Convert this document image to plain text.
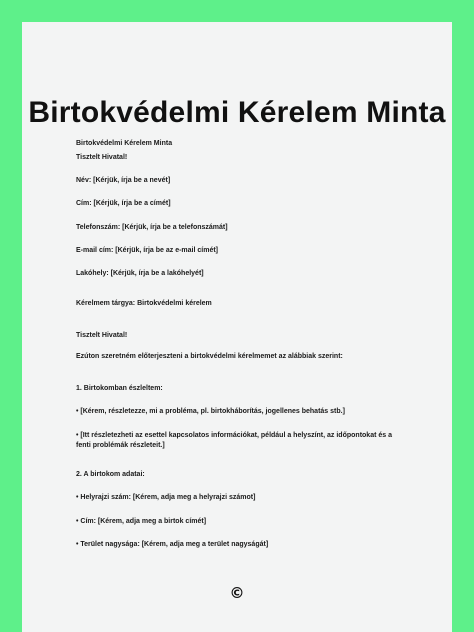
Birtokvédelmi Kérelem Minta

Birtokvédelmi Kérelem Minta

Tisztelt Hivatal!

Név: [Kérjük, írja be a nevét]

Cím: [Kérjük, írja be a címét]

Telefonszám: [Kérjük, írja be a telefonszámát]

E-mail cím: [Kérjük, írja be az e-mail címét]

Lakóhely: [Kérjük, írja be a lakóhelyét]

Kérelmem tárgya: Birtokvédelmi kérelem

Tisztelt Hivatal!

Ezúton szeretném előterjeszteni a birtokvédelmi kérelmemet az alábbiak szerint:

1. Birtokomban észleltem:

• [Kérem, részletezze, mi a probléma, pl. birtokháborítás, jogellenes behatás stb.]

• [Itt részletezheti az esettel kapcsolatos információkat, például a helyszínt, az időpontokat és a fenti problémák részleteit.]

2. A birtokom adatai:

• Helyrajzi szám: [Kérem, adja meg a helyrajzi számot]

• Cím: [Kérem, adja meg a birtok címét]

• Terület nagysága: [Kérem, adja meg a terület nagyságát]

©
